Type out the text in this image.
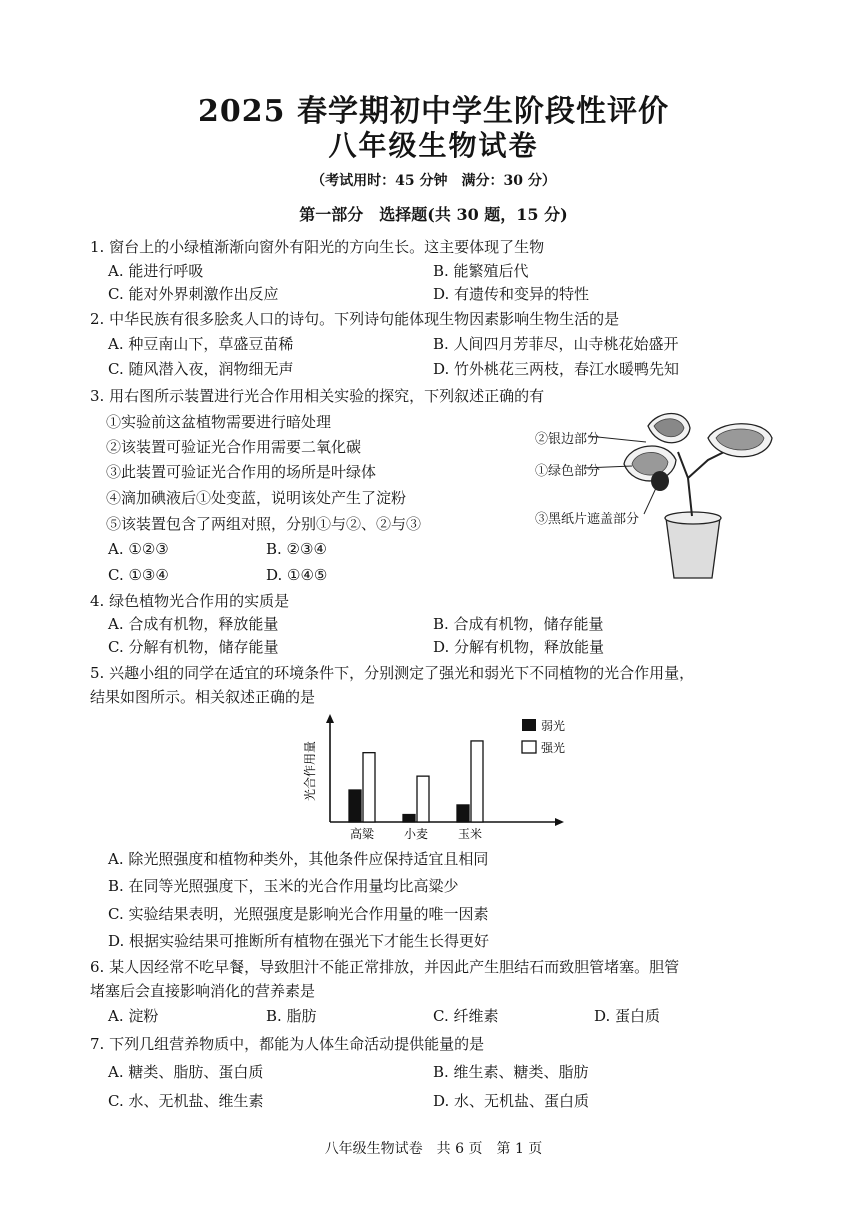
2025 春学期初中学生阶段性评价
八年级生物试卷
（考试用时：45 分钟　满分：30 分）
第一部分　选择题(共 30 题，15 分)
1. 窗台上的小绿植渐渐向窗外有阳光的方向生长。这主要体现了生物
A. 能进行呼吸	B. 能繁殖后代
C. 能对外界刺激作出反应	D. 有遗传和变异的特性
2. 中华民族有很多脍炙人口的诗句。下列诗句能体现生物因素影响生物生活的是
A. 种豆南山下，草盛豆苗稀	B. 人间四月芳菲尽，山寺桃花始盛开
C. 随风潜入夜，润物细无声	D. 竹外桃花三两枝，春江水暖鸭先知
3. 用右图所示装置进行光合作用相关实验的探究，下列叙述正确的有
①实验前这盆植物需要进行暗处理
②该装置可验证光合作用需要二氧化碳
③此装置可验证光合作用的场所是叶绿体
④滴加碘液后①处变蓝，说明该处产生了淀粉
⑤该装置包含了两组对照，分别①与②、②与③
A. ①②③	B. ②③④
C. ①③④	D. ①④⑤
②银边部分
①绿色部分
③黑纸片遮盖部分
4. 绿色植物光合作用的实质是
A. 合成有机物，释放能量	B. 合成有机物，储存能量
C. 分解有机物，储存能量	D. 分解有机物，释放能量
5. 兴趣小组的同学在适宜的环境条件下，分别测定了强光和弱光下不同植物的光合作用量，
结果如图所示。相关叙述正确的是
光合作用量
高粱 小麦 玉米
弱光
强光
A. 除光照强度和植物种类外，其他条件应保持适宜且相同
B. 在同等光照强度下，玉米的光合作用量均比高粱少
C. 实验结果表明，光照强度是影响光合作用量的唯一因素
D. 根据实验结果可推断所有植物在强光下才能生长得更好
6. 某人因经常不吃早餐，导致胆汁不能正常排放，并因此产生胆结石而致胆管堵塞。胆管
堵塞后会直接影响消化的营养素是
A. 淀粉	B. 脂肪	C. 纤维素	D. 蛋白质
7. 下列几组营养物质中，都能为人体生命活动提供能量的是
A. 糖类、脂肪、蛋白质	B. 维生素、糖类、脂肪
C. 水、无机盐、维生素	D. 水、无机盐、蛋白质
八年级生物试卷　共 6 页　第 1 页
